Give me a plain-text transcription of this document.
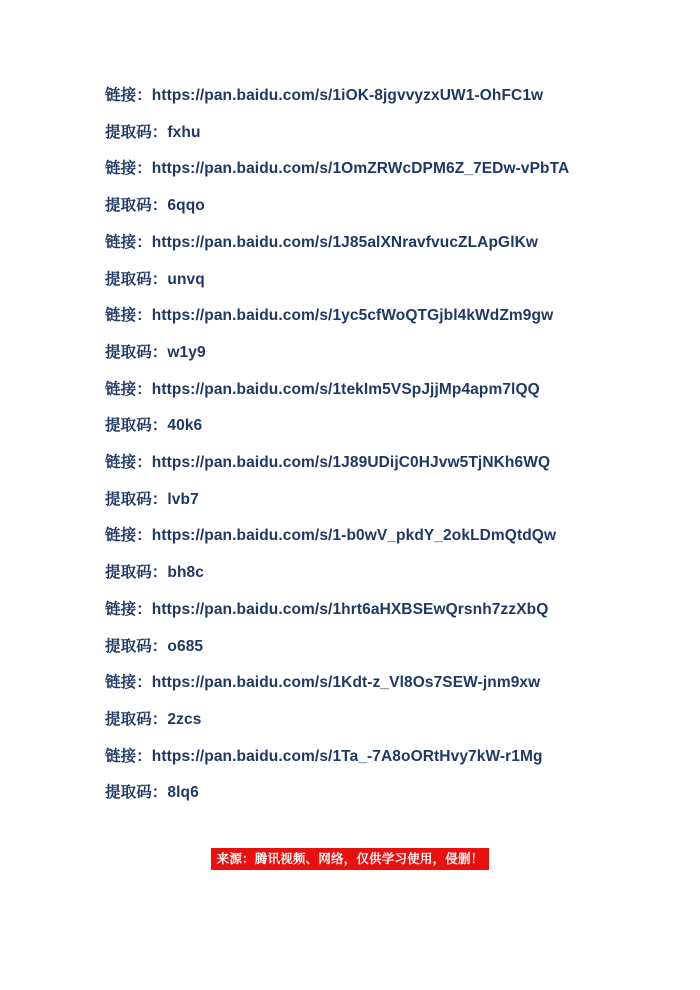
链接：https://pan.baidu.com/s/1iOK-8jgvvyzxUW1-OhFC1w
提取码：fxhu
链接：https://pan.baidu.com/s/1OmZRWcDPM6Z_7EDw-vPbTA
提取码：6qqo
链接：https://pan.baidu.com/s/1J85alXNravfvucZLApGlKw
提取码：unvq
链接：https://pan.baidu.com/s/1yc5cfWoQTGjbl4kWdZm9gw
提取码：w1y9
链接：https://pan.baidu.com/s/1tekIm5VSpJjjMp4apm7lQQ
提取码：40k6
链接：https://pan.baidu.com/s/1J89UDijC0HJvw5TjNKh6WQ
提取码：lvb7
链接：https://pan.baidu.com/s/1-b0wV_pkdY_2okLDmQtdQw
提取码：bh8c
链接：https://pan.baidu.com/s/1hrt6aHXBSEwQrsnh7zzXbQ
提取码：o685
链接：https://pan.baidu.com/s/1Kdt-z_Vl8Os7SEW-jnm9xw
提取码：2zcs
链接：https://pan.baidu.com/s/1Ta_-7A8oORtHvy7kW-r1Mg
提取码：8lq6
来源：腾讯视频、网络，仅供学习使用，侵删！
